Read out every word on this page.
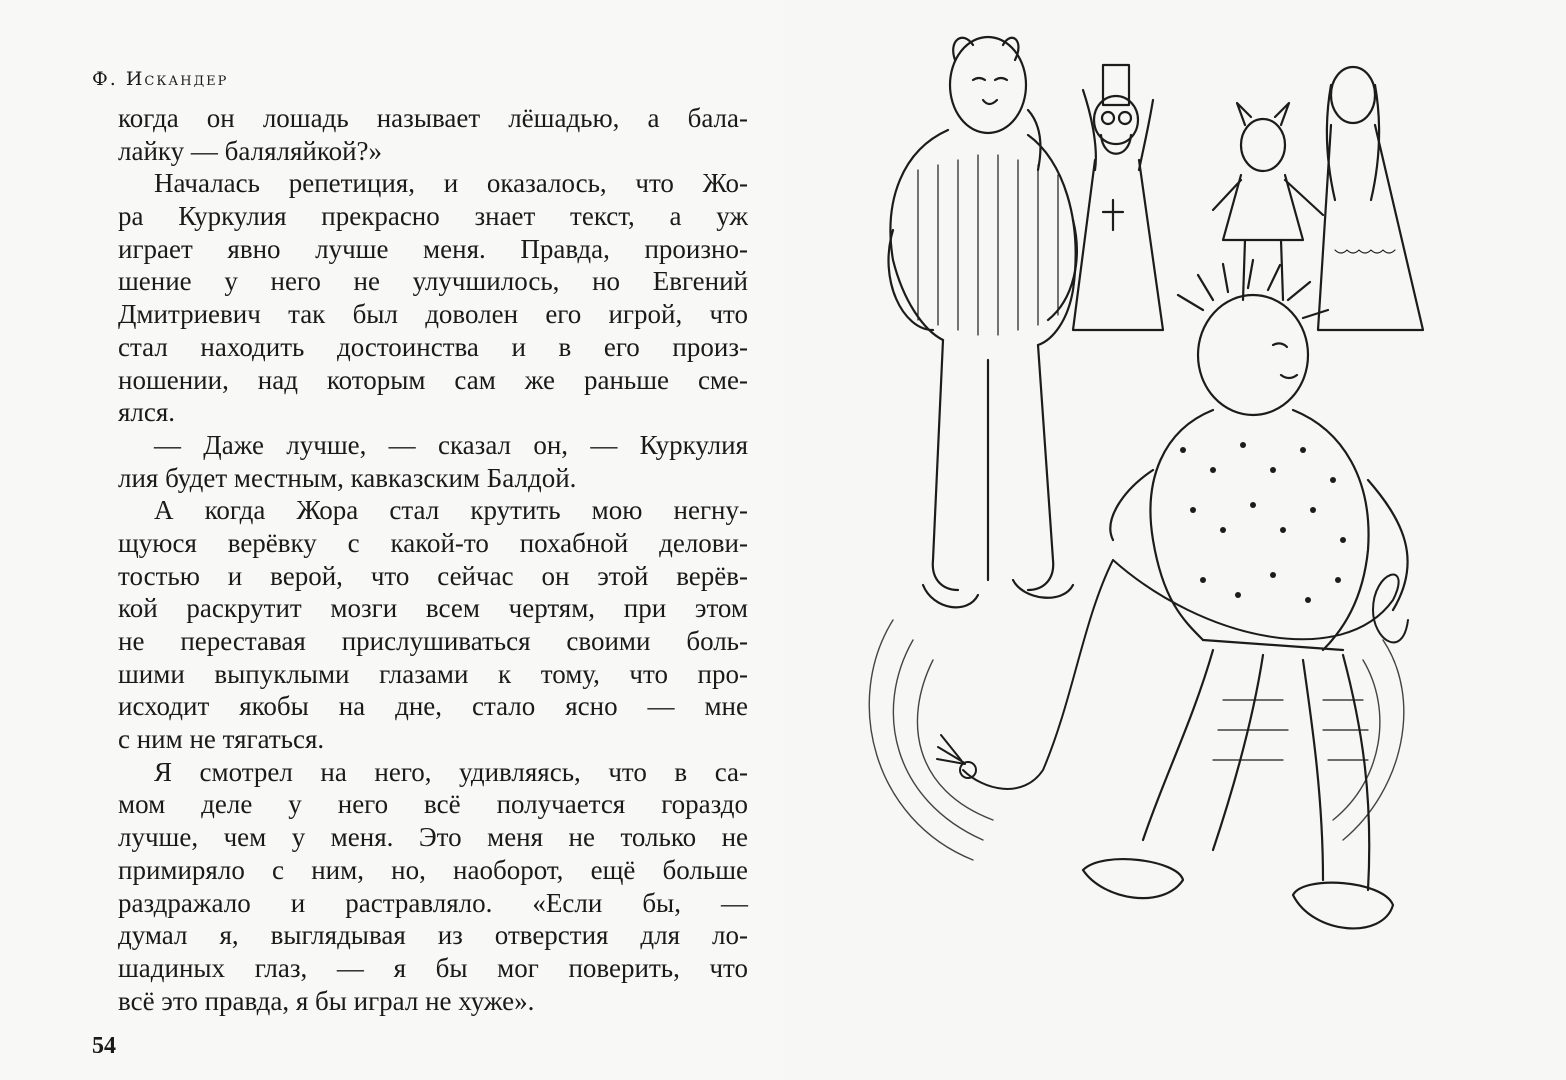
Ф. Искандер
когда он лошадь называет лёшадью, а бала-
лайку — баляляйкой?»
Началась репетиция, и оказалось, что Жо-
ра Куркулия прекрасно знает текст, а уж
играет явно лучше меня. Правда, произно-
шение у него не улучшилось, но Евгений
Дмитриевич так был доволен его игрой, что
стал находить достоинства и в его произ-
ношении, над которым сам же раньше сме-
ялся.
— Даже лучше, — сказал он, — Куркулия
лия будет местным, кавказским Балдой.
А когда Жора стал крутить мою негну-
щуюся верёвку с какой-то похабной делови-
тостью и верой, что сейчас он этой верёв-
кой раскрутит мозги всем чертям, при этом
не переставая прислушиваться своими боль-
шими выпуклыми глазами к тому, что про-
исходит якобы на дне, стало ясно — мне
с ним не тягаться.
Я смотрел на него, удивляясь, что в са-
мом деле у него всё получается гораздо
лучше, чем у меня. Это меня не только не
примиряло с ним, но, наоборот, ещё больше
раздражало и растравляло. «Если бы, —
думал я, выглядывая из отверстия для ло-
шадиных глаз, — я бы мог поверить, что
всё это правда, я бы играл не хуже».
54
